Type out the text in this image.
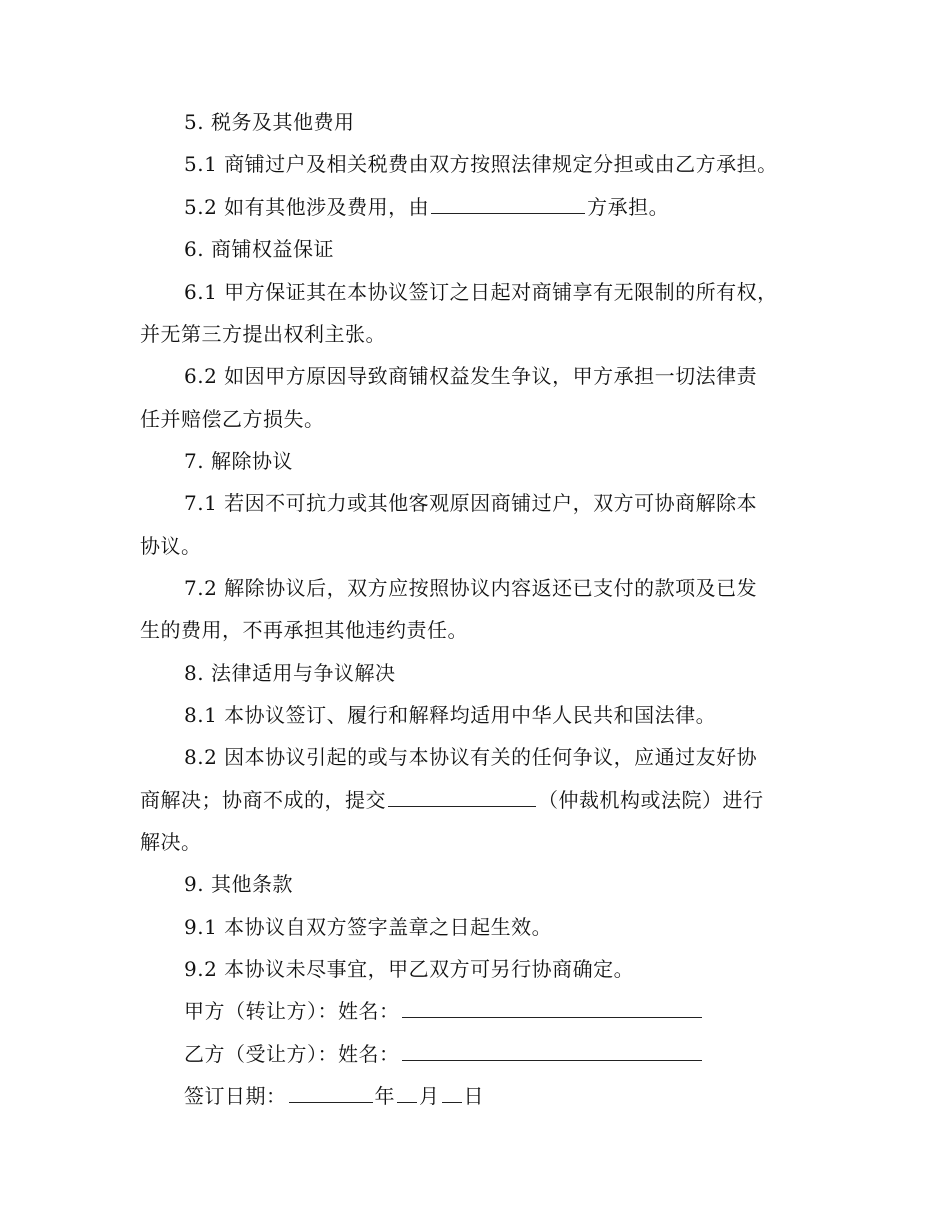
5. 税务及其他费用
5.1 商铺过户及相关税费由双方按照法律规定分担或由乙方承担。
5.2 如有其他涉及费用，由	方承担。
6. 商铺权益保证
6.1 甲方保证其在本协议签订之日起对商铺享有无限制的所有权，
并无第三方提出权利主张。
6.2 如因甲方原因导致商铺权益发生争议，甲方承担一切法律责
任并赔偿乙方损失。
7. 解除协议
7.1 若因不可抗力或其他客观原因商铺过户，双方可协商解除本
协议。
7.2 解除协议后，双方应按照协议内容返还已支付的款项及已发
生的费用，不再承担其他违约责任。
8. 法律适用与争议解决
8.1 本协议签订、履行和解释均适用中华人民共和国法律。
8.2 因本协议引起的或与本协议有关的任何争议，应通过友好协
商解决；协商不成的，提交	（仲裁机构或法院）进行
解决。
9. 其他条款
9.1 本协议自双方签字盖章之日起生效。
9.2 本协议未尽事宜，甲乙双方可另行协商确定。
甲方（转让方）：姓名：
乙方（受让方）：姓名：
签订日期：	年 月 日
